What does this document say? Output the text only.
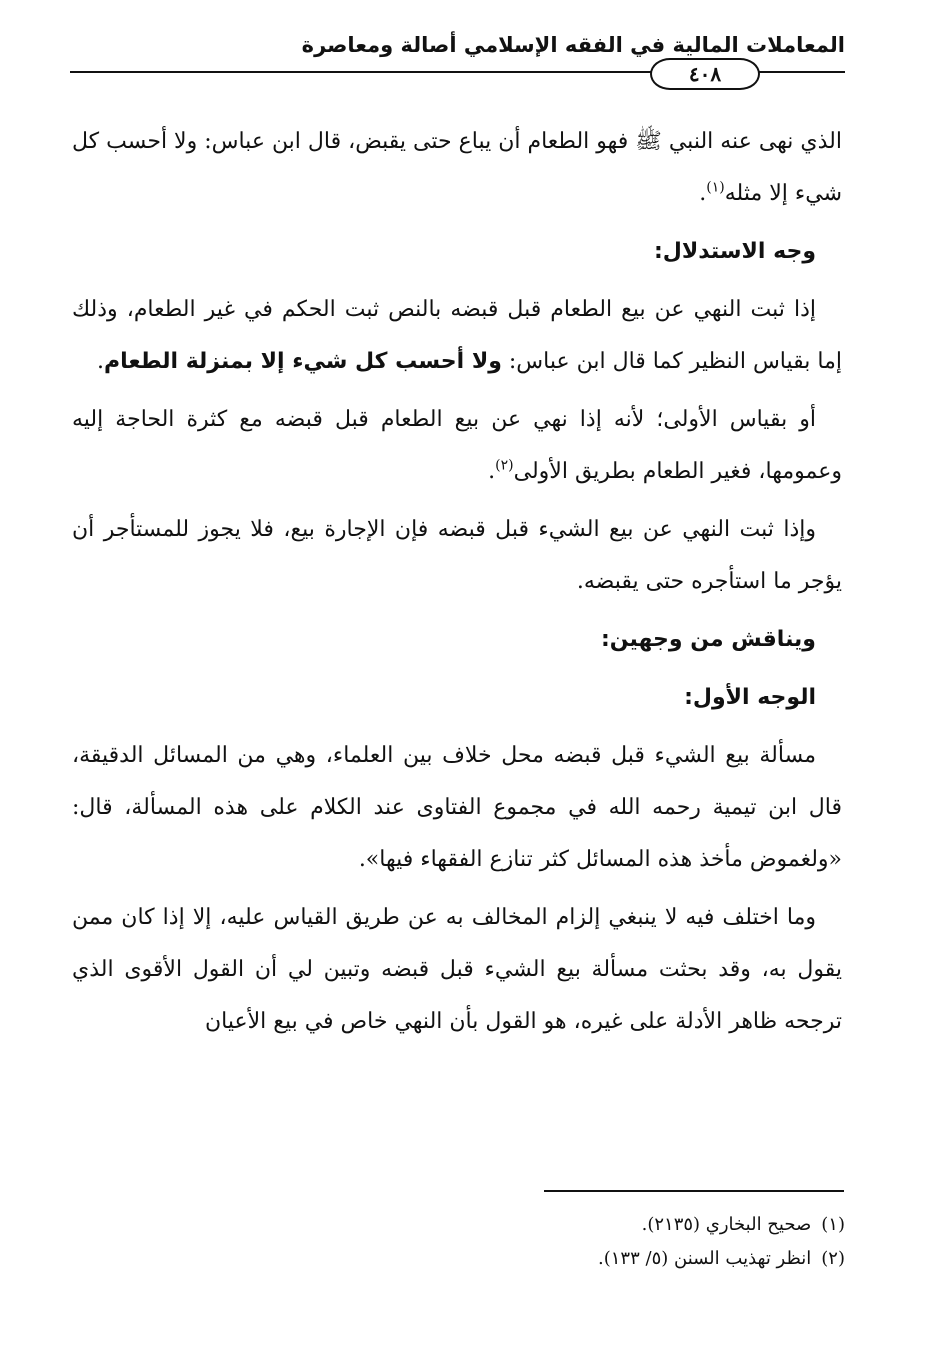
المعاملات المالية في الفقه الإسلامي أصالة ومعاصرة
٤٠٨

الذي نهى عنه النبي ﷺ فهو الطعام أن يباع حتى يقبض، قال ابن عباس: ولا أحسب كل شيء إلا مثله$^{(١)}$.

وجه الاستدلال:

إذا ثبت النهي عن بيع الطعام قبل قبضه بالنص ثبت الحكم في غير الطعام، وذلك إما بقياس النظير كما قال ابن عباس: ولا أحسب كل شيء إلا بمنزلة الطعام.

أو بقياس الأولى؛ لأنه إذا نهي عن بيع الطعام قبل قبضه مع كثرة الحاجة إليه وعمومها، فغير الطعام بطريق الأولى$^{(٢)}$.

وإذا ثبت النهي عن بيع الشيء قبل قبضه فإن الإجارة بيع، فلا يجوز للمستأجر أن يؤجر ما استأجره حتى يقبضه.

ويناقش من وجهين:
الوجه الأول:

مسألة بيع الشيء قبل قبضه محل خلاف بين العلماء، وهي من المسائل الدقيقة، قال ابن تيمية رحمه الله في مجموع الفتاوى عند الكلام على هذه المسألة، قال: «ولغموض مأخذ هذه المسائل كثر تنازع الفقهاء فيها».

وما اختلف فيه لا ينبغي إلزام المخالف به عن طريق القياس عليه، إلا إذا كان ممن يقول به، وقد بحثت مسألة بيع الشيء قبل قبضه وتبين لي أن القول الأقوى الذي ترجحه ظاهر الأدلة على غيره، هو القول بأن النهي خاص في بيع الأعيان

(١)صحيح البخاري (٢١٣٥).
(٢)انظر تهذيب السنن (٥/ ١٣٣).
